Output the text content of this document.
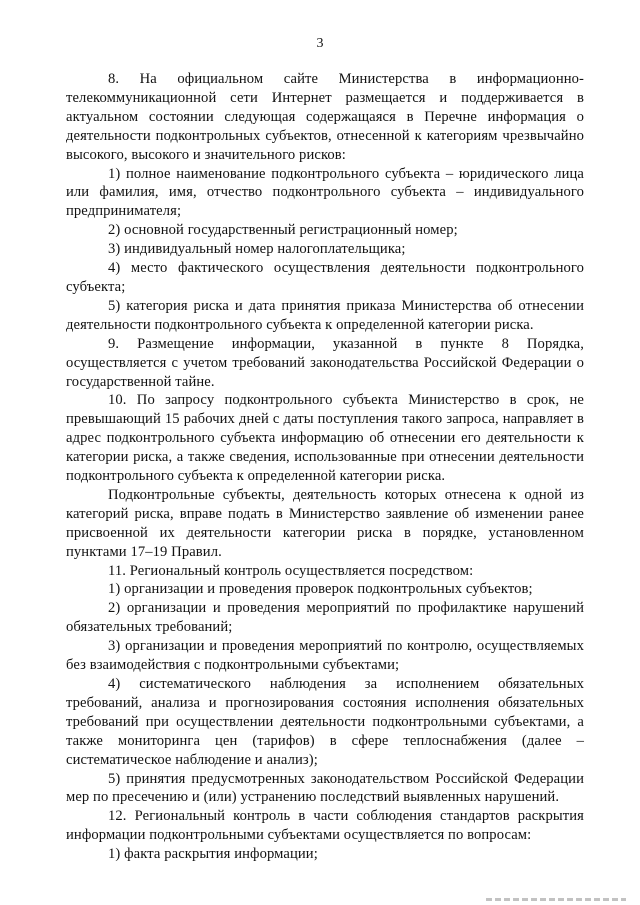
3

8. На официальном сайте Министерства в информационно-телекоммуникационной сети Интернет размещается и поддерживается в актуальном состоянии следующая содержащаяся в Перечне информация о деятельности подконтрольных субъектов, отнесенной к категориям чрезвычайно высокого, высокого и значительного рисков:

1) полное наименование подконтрольного субъекта – юридического лица или фамилия, имя, отчество подконтрольного субъекта – индивидуального предпринимателя;

2) основной государственный регистрационный номер;

3) индивидуальный номер налогоплательщика;

4) место фактического осуществления деятельности подконтрольного субъекта;

5) категория риска и дата принятия приказа Министерства об отнесении деятельности подконтрольного субъекта к определенной категории риска.

9. Размещение информации, указанной в пункте 8 Порядка, осуществляется с учетом требований законодательства Российской Федерации о государственной тайне.

10. По запросу подконтрольного субъекта Министерство в срок, не превышающий 15 рабочих дней с даты поступления такого запроса, направляет в адрес подконтрольного субъекта информацию об отнесении его деятельности к категории риска, а также сведения, использованные при отнесении деятельности подконтрольного субъекта к определенной категории риска.

Подконтрольные субъекты, деятельность которых отнесена к одной из категорий риска, вправе подать в Министерство заявление об изменении ранее присвоенной их деятельности категории риска в порядке, установленном пунктами 17–19 Правил.

11. Региональный контроль осуществляется посредством:

1) организации и проведения проверок подконтрольных субъектов;

2) организации и проведения мероприятий по профилактике нарушений обязательных требований;

3) организации и проведения мероприятий по контролю, осуществляемых без взаимодействия с подконтрольными субъектами;

4) систематического наблюдения за исполнением обязательных требований, анализа и прогнозирования состояния исполнения обязательных требований при осуществлении деятельности подконтрольными субъектами, а также мониторинга цен (тарифов) в сфере теплоснабжения (далее – систематическое наблюдение и анализ);

5) принятия предусмотренных законодательством Российской Федерации мер по пресечению и (или) устранению последствий выявленных нарушений.

12. Региональный контроль в части соблюдения стандартов раскрытия информации подконтрольными субъектами осуществляется по вопросам:

1) факта раскрытия информации;
